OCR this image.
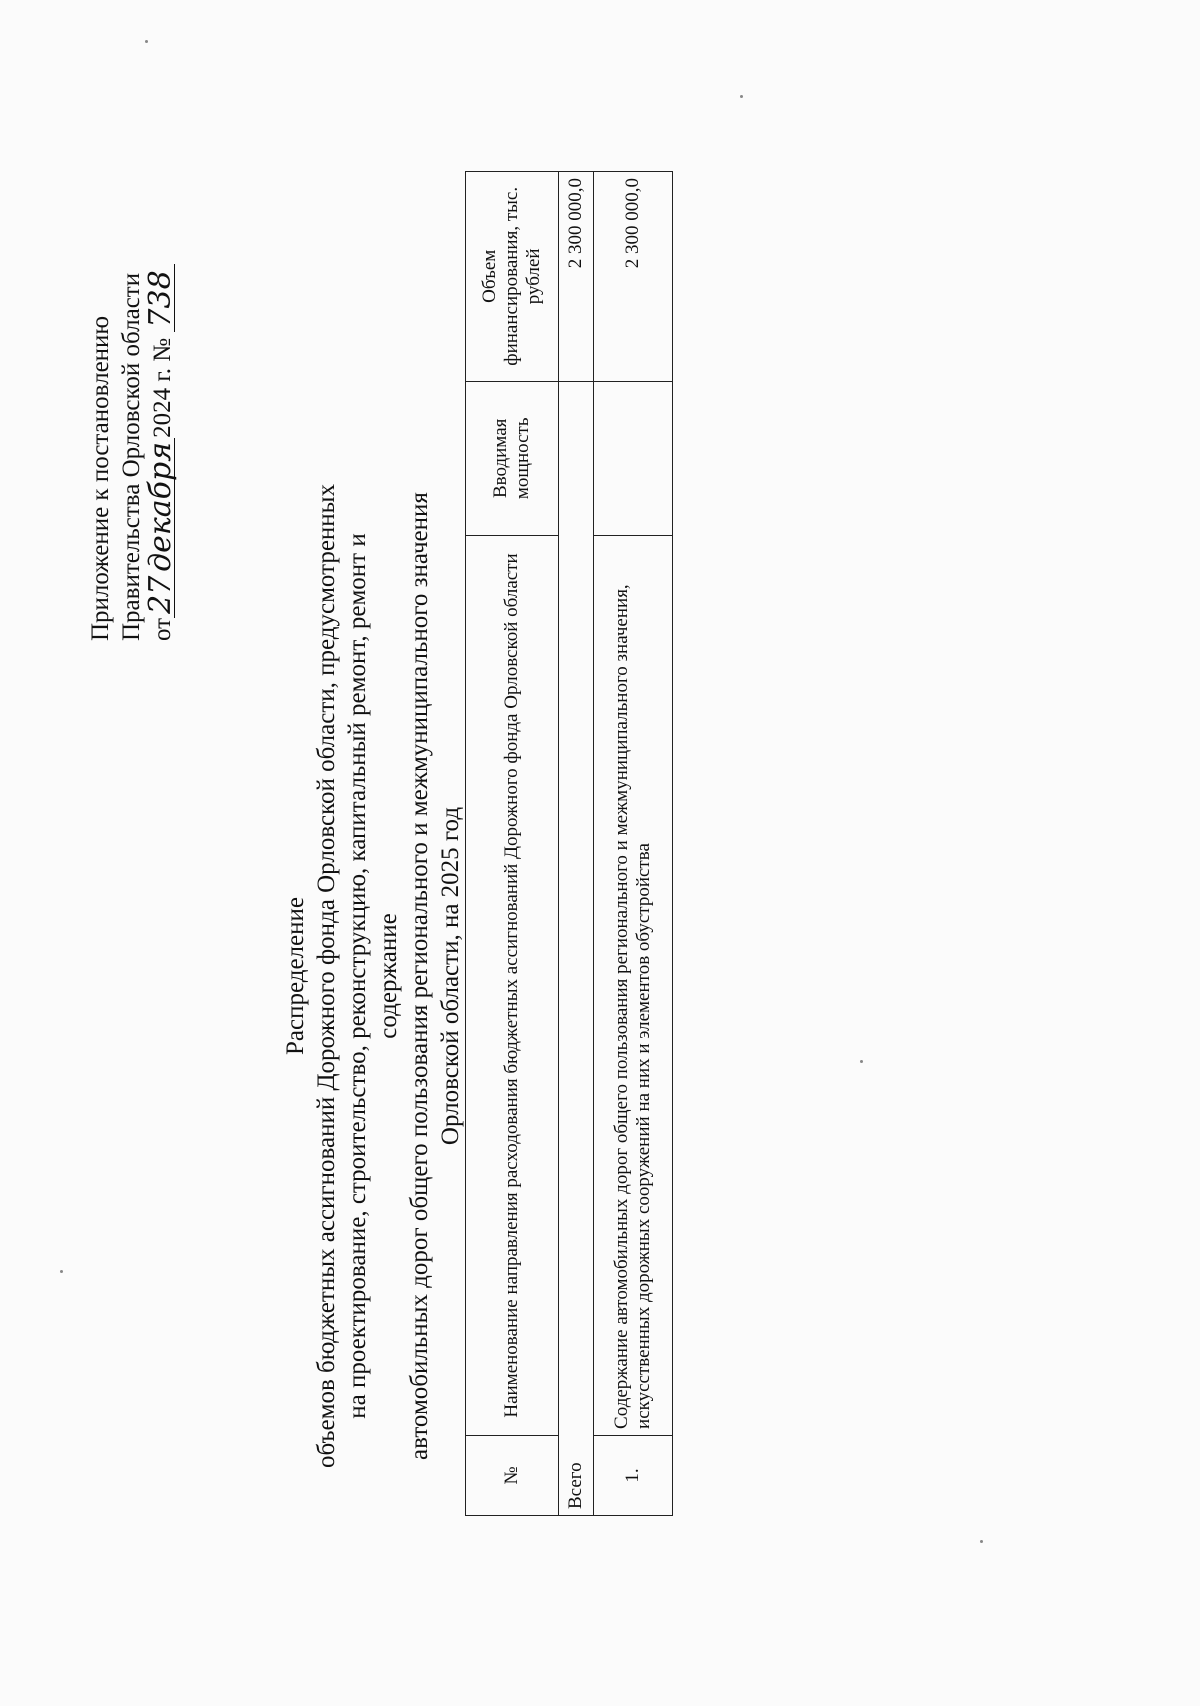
Приложение к постановлению Правительства Орловской области от27декабря2024 г. № 738
Распределение объемов бюджетных ассигнований Дорожного фонда Орловской области, предусмотренных на проектирование, строительство, реконструкцию, капитальный ремонт, ремонт и содержание автомобильных дорог общего пользования регионального и межмуниципального значения Орловской области, на 2025 год
№	Наименование направления расходования бюджетных ассигнований Дорожного фонда Орловской области	Вводимая мощность	Объем финансирования, тыс. рублей
Всего			2 300 000,0
1.	Содержание автомобильных дорог общего пользования регионального и межмуниципального значения, искусственных дорожных сооружений на них и элементов обустройства		2 300 000,0
